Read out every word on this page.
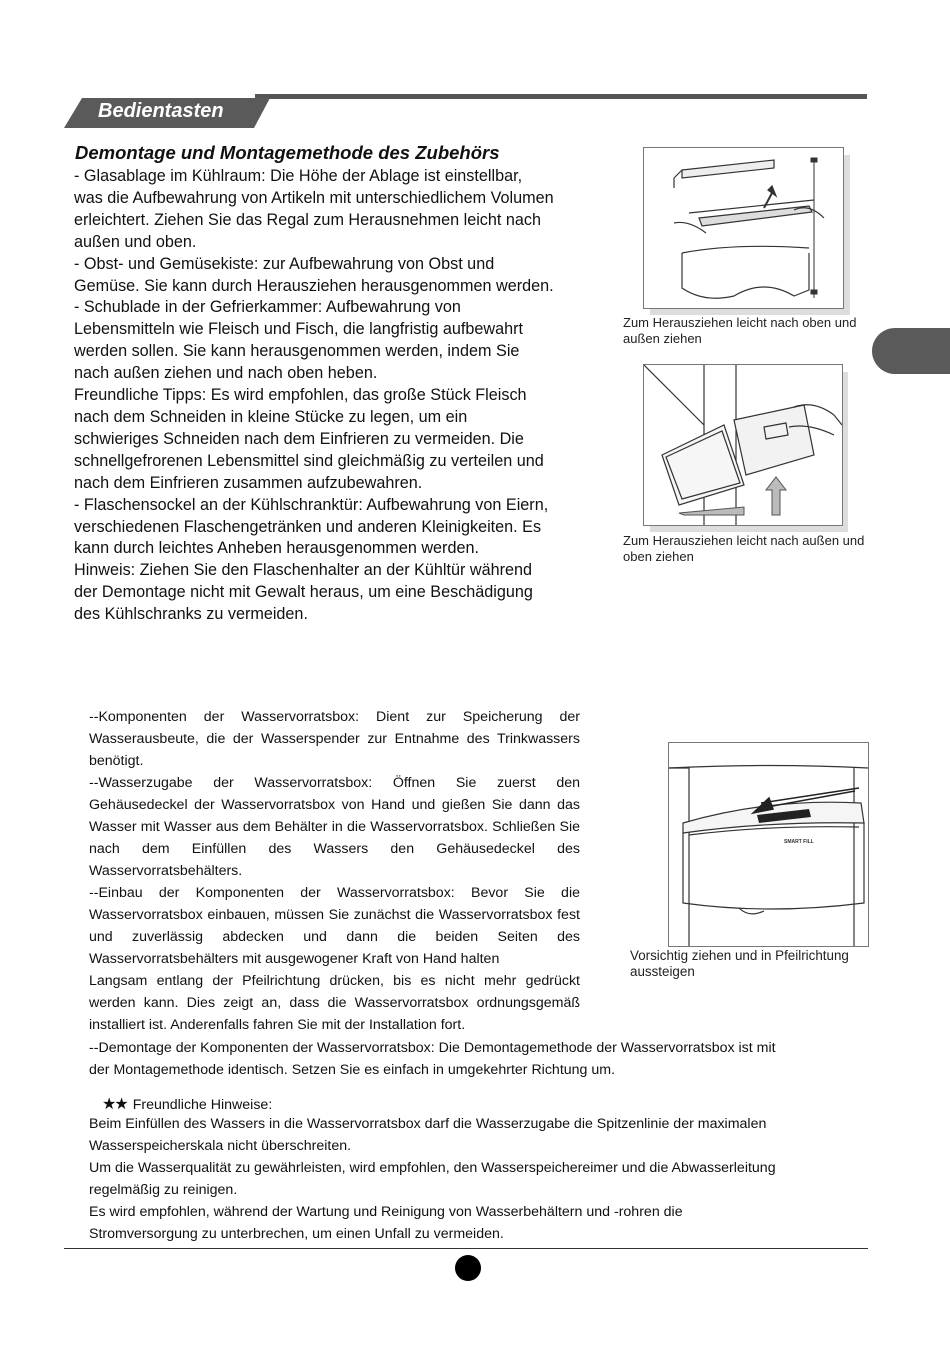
Bedientasten
Demontage und Montagemethode des Zubehörs

- Glasablage im Kühlraum: Die Höhe der Ablage ist einstellbar, was die Aufbewahrung von Artikeln mit unterschiedlichem Volumen erleichtert. Ziehen Sie das Regal zum Herausnehmen leicht nach außen und oben.

- Obst- und Gemüsekiste: zur Aufbewahrung von Obst und Gemüse. Sie kann durch Herausziehen herausgenommen werden.

- Schublade in der Gefrierkammer: Aufbewahrung von Lebensmitteln wie Fleisch und Fisch, die langfristig aufbewahrt werden sollen. Sie kann herausgenommen werden, indem Sie nach außen ziehen und nach oben heben.

Freundliche Tipps: Es wird empfohlen, das große Stück Fleisch nach dem Schneiden in kleine Stücke zu legen, um ein schwieriges Schneiden nach dem Einfrieren zu vermeiden. Die schnellgefrorenen Lebensmittel sind gleichmäßig zu verteilen und nach dem Einfrieren zusammen aufzubewahren.

- Flaschensockel an der Kühlschranktür: Aufbewahrung von Eiern, verschiedenen Flaschengetränken und anderen Kleinigkeiten. Es kann durch leichtes Anheben herausgenommen werden.

Hinweis: Ziehen Sie den Flaschenhalter an der Kühltür während der Demontage nicht mit Gewalt heraus, um eine Beschädigung des Kühlschranks zu vermeiden.

Zum Herausziehen leicht nach oben und außen ziehen
Zum Herausziehen leicht nach außen und oben ziehen

--Komponenten der Wasservorratsbox: Dient zur Speicherung der Wasserausbeute, die der Wasserspender zur Entnahme des Trinkwassers benötigt.

--Wasserzugabe der Wasservorratsbox: Öffnen Sie zuerst den Gehäusedeckel der Wasservorratsbox von Hand und gießen Sie dann das Wasser mit Wasser aus dem Behälter in die Wasservorratsbox. Schließen Sie nach dem Einfüllen des Wassers den Gehäusedeckel des Wasservorratsbehälters.

--Einbau der Komponenten der Wasservorratsbox: Bevor Sie die Wasservorratsbox einbauen, müssen Sie zunächst die Wasservorratsbox fest und zuverlässig abdecken und dann die beiden Seiten des Wasservorratsbehälters mit ausgewogener Kraft von Hand halten

Langsam entlang der Pfeilrichtung drücken, bis es nicht mehr gedrückt werden kann. Dies zeigt an, dass die Wasservorratsbox ordnungsgemäß installiert ist. Anderenfalls fahren Sie mit der Installation fort.

--Demontage der Komponenten der Wasservorratsbox: Die Demontagemethode der Wasservorratsbox ist mit der Montagemethode identisch. Setzen Sie es einfach in umgekehrter Richtung um.

SMART FILL
Vorsichtig ziehen und in Pfeilrichtung aussteigen
★★ Freundliche Hinweise:

Beim Einfüllen des Wassers in die Wasservorratsbox darf die Wasserzugabe die Spitzenlinie der maximalen Wasserspeicherskala nicht überschreiten.

Um die Wasserqualität zu gewährleisten, wird empfohlen, den Wasserspeichereimer und die Abwasserleitung regelmäßig zu reinigen.

Es wird empfohlen, während der Wartung und Reinigung von Wasserbehältern und -rohren die Stromversorgung zu unterbrechen, um einen Unfall zu vermeiden.
